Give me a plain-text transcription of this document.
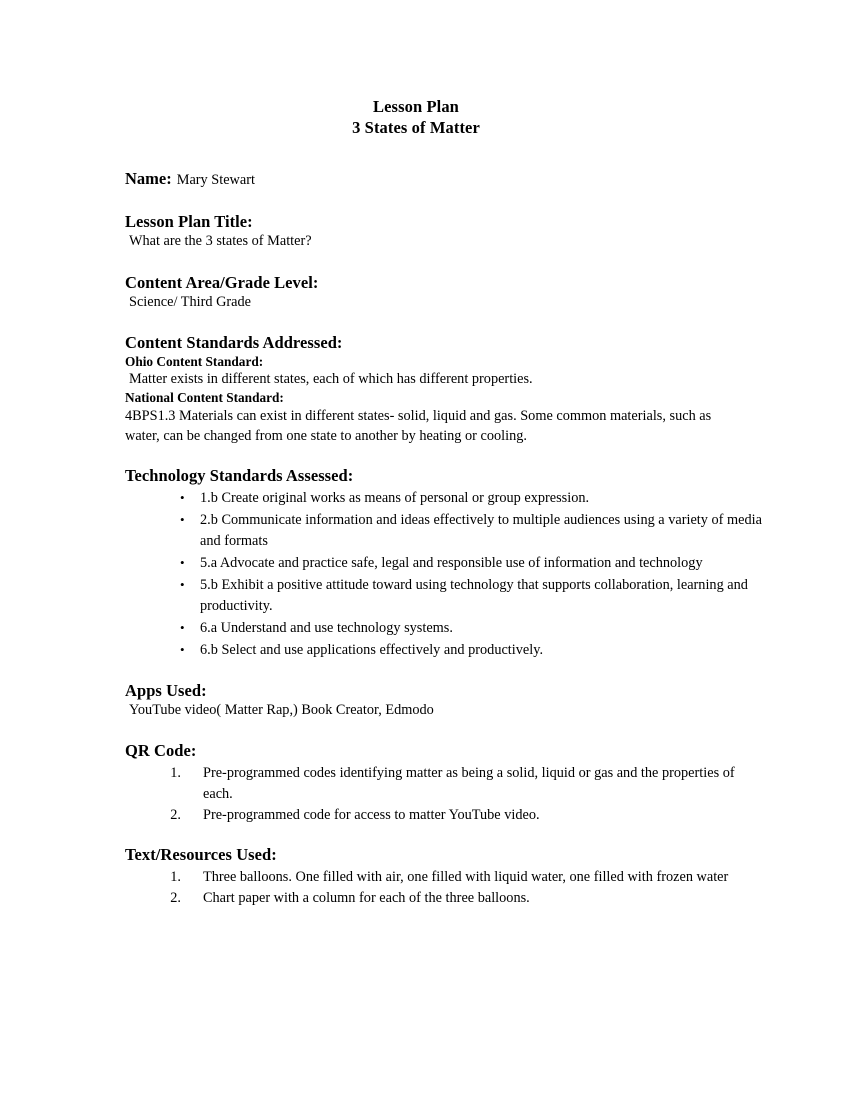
Lesson Plan
3 States of Matter
Name: Mary Stewart
Lesson Plan Title:

What are the 3 states of Matter?

Content Area/Grade Level:

Science/ Third Grade

Content Standards Addressed:
Ohio Content Standard:

Matter exists in different states, each of which has different properties.

National Content Standard:

4BPS1.3 Materials can exist in different states- solid, liquid and gas. Some common materials, such as water, can be changed from one state to another by heating or cooling.

Technology Standards Assessed:
• 1.b Create original works as means of personal or group expression.
• 2.b Communicate information and ideas effectively to multiple audiences using a variety of media and formats
• 5.a Advocate and practice safe, legal and responsible use of information and technology
• 5.b Exhibit a positive attitude toward using technology that supports collaboration, learning and productivity.
• 6.a Understand and use technology systems.
• 6.b Select and use applications effectively and productively.
Apps Used:

YouTube video( Matter Rap,) Book Creator, Edmodo

QR Code:
Pre-programmed codes identifying matter as being a solid, liquid or gas and the properties of each.
Pre-programmed code for access to matter YouTube video.
Text/Resources Used:
Three balloons. One filled with air, one filled with liquid water, one filled with frozen water
Chart paper with a column for each of the three balloons.
